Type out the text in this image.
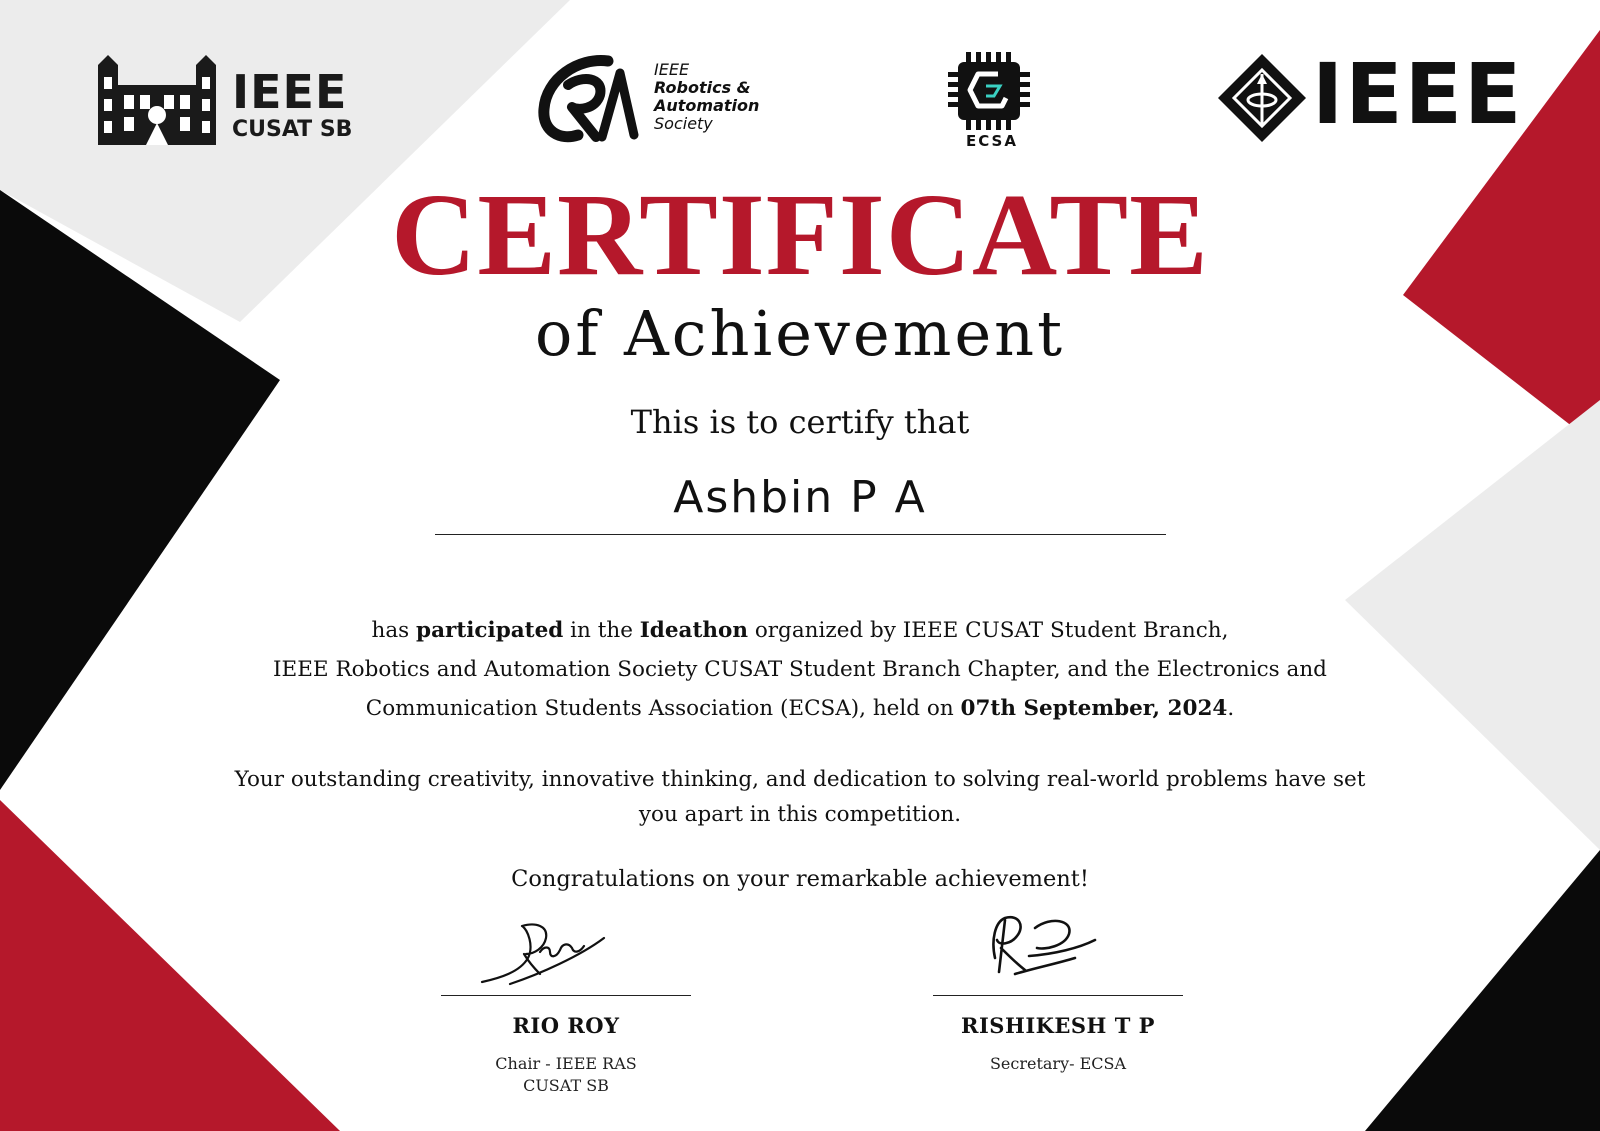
IEEE
CUSAT SB
IEEE
Robotics &
Automation
Society
ECSA	IEEE
CERTIFICATE
of Achievement
This is to certify that
Ashbin P A
has participated in the Ideathon organized by IEEE CUSAT Student Branch,
IEEE Robotics and Automation Society CUSAT Student Branch Chapter, and the Electronics and
Communication Students Association (ECSA), held on 07th September, 2024.
Your outstanding creativity, innovative thinking, and dedication to solving real-world problems have set
you apart in this competition.
Congratulations on your remarkable achievement!
RIO ROY
Chair - IEEE RAS
CUSAT SB
RISHIKESH T P
Secretary- ECSA
